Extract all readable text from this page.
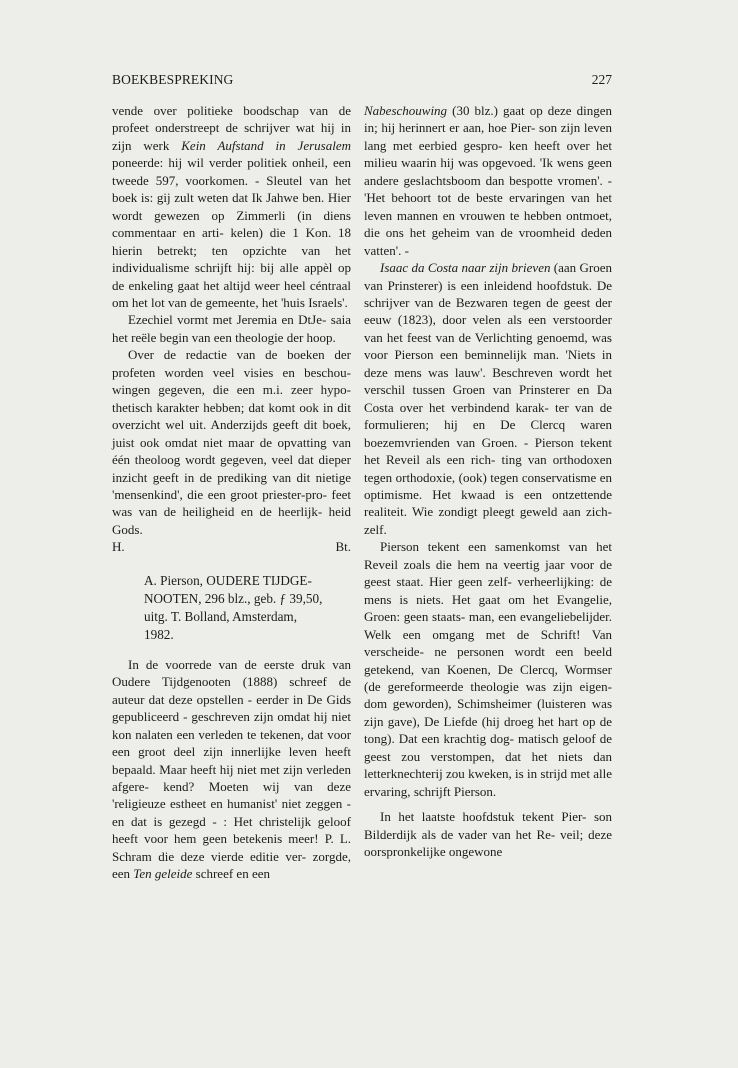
BOEKBESPREKING	227

vende over politieke boodschap van de profeet onderstreept de schrijver wat hij in zijn werk Kein Aufstand in Jerusalem poneerde: hij wil verder politiek onheil, een tweede 597, voorkomen. - Sleutel van het boek is: gij zult weten dat Ik Jahwe ben. Hier wordt gewezen op Zimmerli (in diens commentaar en arti- kelen) die 1 Kon. 18 hierin betrekt; ten opzichte van het individualisme schrijft hij: bij alle appèl op de enkeling gaat het altijd weer heel céntraal om het lot van de gemeente, het 'huis Israels'.

Ezechiel vormt met Jeremia en DtJe- saia het reële begin van een theologie der hoop.

Over de redactie van de boeken der profeten worden veel visies en beschou- wingen gegeven, die een m.i. zeer hypo- thetisch karakter hebben; dat komt ook in dit overzicht wel uit. Anderzijds geeft dit boek, juist ook omdat niet maar de opvatting van één theoloog wordt gegeven, veel dat dieper inzicht geeft in de prediking van dit nietige 'mensenkind', die een groot priester-pro- feet was van de heiligheid en de heerlijk- heid Gods.

H.	Bt.
A. Pierson, OUDERE TIJDGE-
NOOTEN, 296 blz., geb. ƒ 39,50,
uitg. T. Bolland, Amsterdam,
1982.

In de voorrede van de eerste druk van Oudere Tijdgenooten (1888) schreef de auteur dat deze opstellen - eerder in De Gids gepubliceerd - geschreven zijn omdat hij niet kon nalaten een verleden te tekenen, dat voor een groot deel zijn innerlijke leven heeft bepaald. Maar heeft hij niet met zijn verleden afgere- kend? Moeten wij van deze 'religieuze estheet en humanist' niet zeggen - en dat is gezegd - : Het christelijk geloof heeft voor hem geen betekenis meer! P. L. Schram die deze vierde editie ver- zorgde, een Ten geleide schreef en een

Nabeschouwing (30 blz.) gaat op deze dingen in; hij herinnert er aan, hoe Pier- son zijn leven lang met eerbied gespro- ken heeft over het milieu waarin hij was opgevoed. 'Ik wens geen andere geslachtsboom dan bespotte vromen'. - 'Het behoort tot de beste ervaringen van het leven mannen en vrouwen te hebben ontmoet, die ons het geheim van de vroomheid deden vatten'. -

Isaac da Costa naar zijn brieven (aan Groen van Prinsterer) is een inleidend hoofdstuk. De schrijver van de Bezwaren tegen de geest der eeuw (1823), door velen als een verstoorder van het feest van de Verlichting genoemd, was voor Pierson een beminnelijk man. 'Niets in deze mens was lauw'. Beschreven wordt het verschil tussen Groen van Prinsterer en Da Costa over het verbindend karak- ter van de formulieren; hij en De Clercq waren boezemvrienden van Groen. - Pierson tekent het Reveil als een rich- ting van orthodoxen tegen orthodoxie, (ook) tegen conservatisme en optimisme. Het kwaad is een ontzettende realiteit. Wie zondigt pleegt geweld aan zich- zelf.

Pierson tekent een samenkomst van het Reveil zoals die hem na veertig jaar voor de geest staat. Hier geen zelf- verheerlijking: de mens is niets. Het gaat om het Evangelie, Groen: geen staats- man, een evangeliebelijder. Welk een omgang met de Schrift! Van verscheide- ne personen wordt een beeld getekend, van Koenen, De Clercq, Wormser (de gereformeerde theologie was zijn eigen- dom geworden), Schimsheimer (luisteren was zijn gave), De Liefde (hij droeg het hart op de tong). Dat een krachtig dog- matisch geloof de geest zou verstompen, dat het niets dan letterknechterij zou kweken, is in strijd met alle ervaring, schrijft Pierson.

In het laatste hoofdstuk tekent Pier- son Bilderdijk als de vader van het Re- veil; deze oorspronkelijke ongewone
